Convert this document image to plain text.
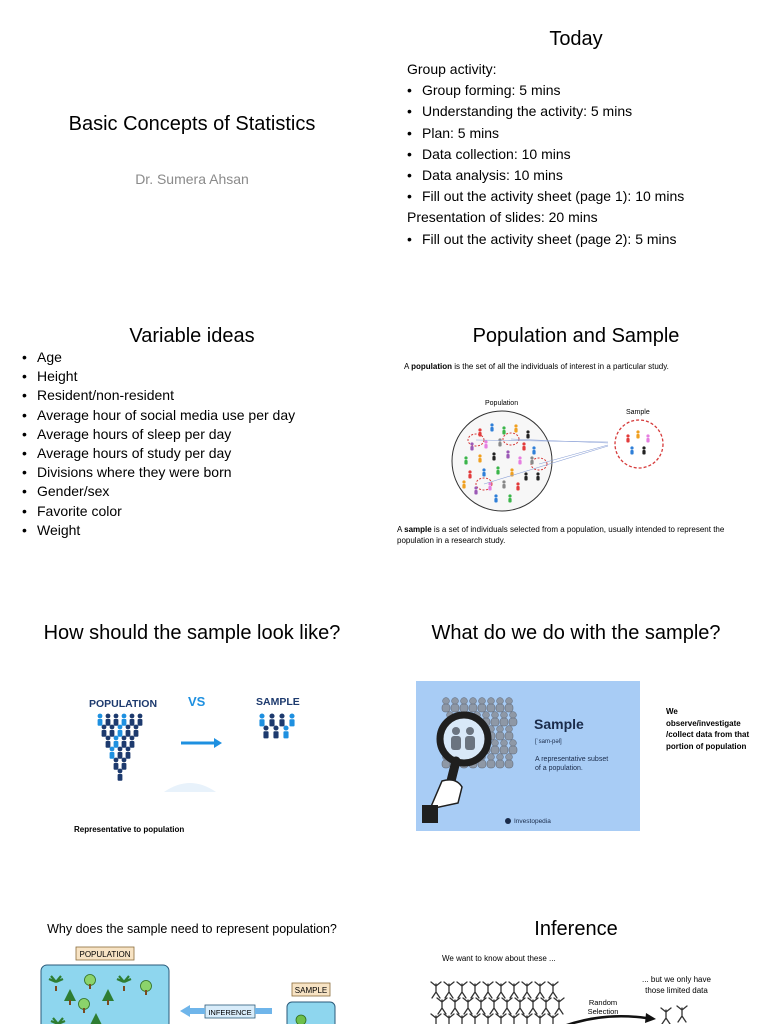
Basic Concepts of Statistics
Dr. Sumera Ahsan
Today
Group activity:
• Group forming: 5 mins
• Understanding the activity: 5 mins
• Plan: 5 mins
• Data collection: 10 mins
• Data analysis: 10 mins
• Fill out the activity sheet (page 1): 10 mins
Presentation of slides: 20 mins
• Fill out the activity sheet (page 2): 5 mins
Variable ideas
• Age
• Height
• Resident/non-resident
• Average hour of social media use per day
• Average hours of sleep per day
• Average hours of study per day
• Divisions where they were born
• Gender/sex
• Favorite color
• Weight
Population and Sample
A population is the set of all the individuals of interest in a particular study.
Population
Sample
A sample is a set of individuals selected from a population, usually intended to represent the population in a research study.
How should the sample look like?
POPULATION VS	SAMPLE
Representative to population
What do we do with the sample?
Sample
[ˈsam-pəl]
A representative subset
of a population.
Investopedia
We observe/investigate /collect data from that portion of population
Why does the sample need to represent population?
POPULATION
INFERENCE
SAMPLE
Inference
We want to know about these ...
... but we only have
those limited data
Random
Selection
